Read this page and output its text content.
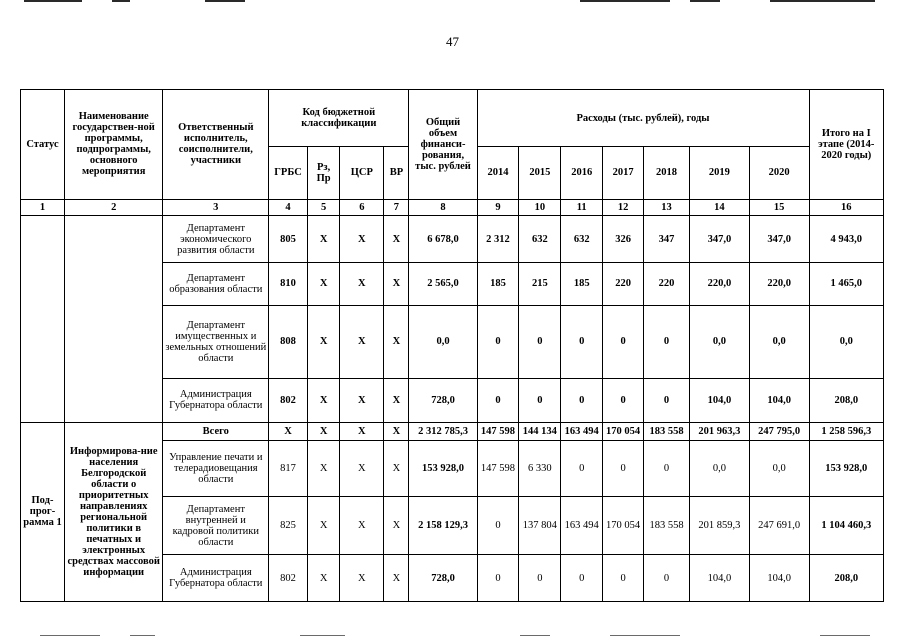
47
Статус	Наименование государствен-ной программы, подпрограммы, основного мероприятия	Ответственный исполнитель, соисполнители, участники	Код бюджетной классификации				Общий объем финанси-рования, тыс. рублей	Расходы (тыс. рублей), годы							Итого на I этапе (2014-2020 годы)
			ГРБС	Рз, Пр	ЦСР	ВР		2014	2015	2016	2017	2018	2019	2020	
1	2	3	4	5	6	7	8	9	10	11	12	13	14	15	16
		Департамент экономического развития области	805	Х	Х	Х	6 678,0	2 312	632	632	326	347	347,0	347,0	4 943,0
		Департамент образования области	810	Х	Х	Х	2 565,0	185	215	185	220	220	220,0	220,0	1 465,0
		Департамент имущественных и земельных отношений области	808	Х	Х	Х	0,0	0	0	0	0	0	0,0	0,0	0,0
		Администрация Губернатора области	802	Х	Х	Х	728,0	0	0	0	0	0	104,0	104,0	208,0
Под-прог-рамма 1	Информирова-ние населения Белгородской области о приоритетных направлениях региональной политики в печатных и электронных средствах массовой информации	Всего	Х	Х	Х	Х	2 312 785,3	147 598	144 134	163 494	170 054	183 558	201 963,3	247 795,0	1 258 596,3
		Управление печати и телерадиовещания области	817	Х	Х	Х	153 928,0	147 598	6 330	0	0	0	0,0	0,0	153 928,0
		Департамент внутренней и кадровой политики области	825	Х	Х	Х	2 158 129,3	0	137 804	163 494	170 054	183 558	201 859,3	247 691,0	1 104 460,3
		Администрация Губернатора области	802	Х	Х	Х	728,0	0	0	0	0	0	104,0	104,0	208,0
